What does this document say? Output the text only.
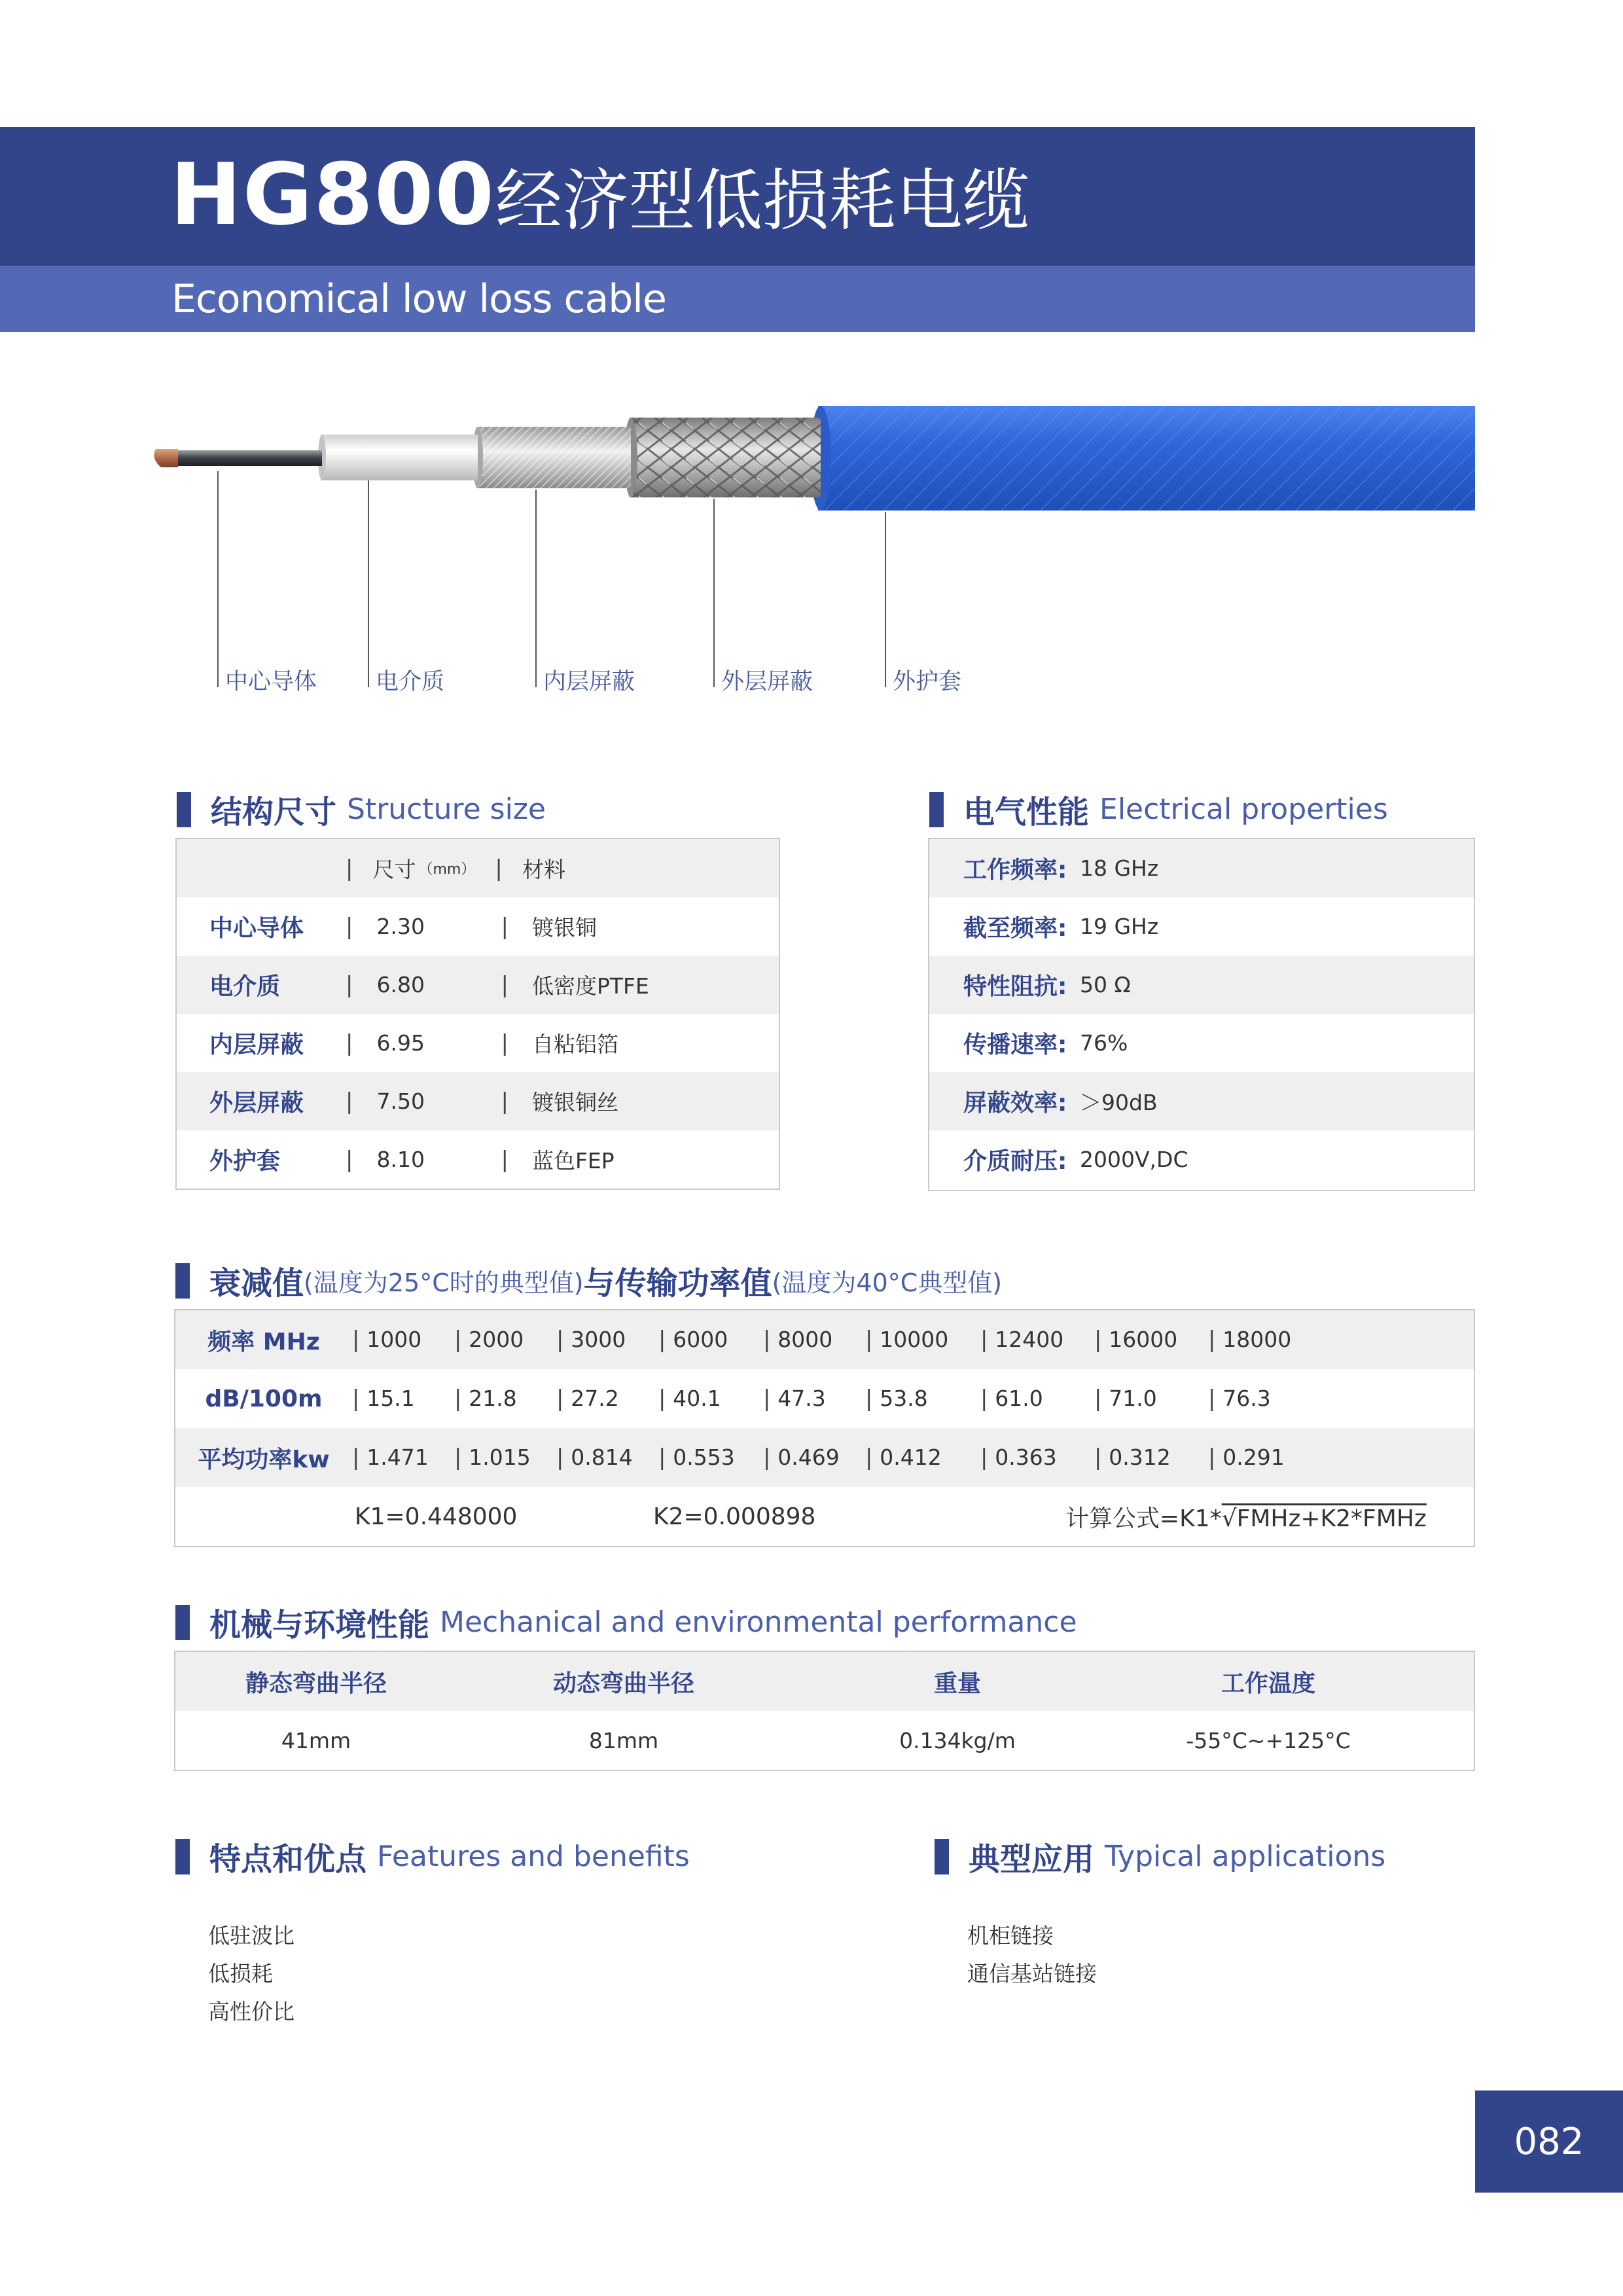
HG800经济型低损耗电缆
Economical low loss cable
中心导体	电介质	内层屏蔽	外层屏蔽	外护套
结构尺寸 Structure size
| 尺寸 （mm） | 材料
中心导体	|	2.30	|	镀银铜
电介质	|	6.80	|	低密度PTFE
内层屏蔽	|	6.95	|	自粘铝箔
外层屏蔽	|	7.50	|	镀银铜丝
外护套	|	8.10	|	蓝色FEP
电气性能 Electrical properties
工作频率: 18 GHz
截至频率: 19 GHz
特性阻抗: 50 Ω
传播速率: 76%
屏蔽效率: ＞90dB
介质耐压: 2000V,DC
衰减值 (温度为25°C时的典型值) 与传输功率值 (温度为40°C典型值)
频率 MHz	| 1000	| 2000	| 3000	| 6000	| 8000	| 10000	| 12400	| 16000	| 18000
dB/100m	| 15.1	| 21.8	| 27.2	| 40.1	| 47.3	| 53.8	| 61.0	| 71.0	| 76.3
平均功率kw	| 1.471	| 1.015	| 0.814	| 0.553	| 0.469	| 0.412	| 0.363	| 0.312	| 0.291
K1=0.448000	K2=0.000898	计算公式=K1*√FMHz+K2*FMHz
机械与环境性能 Mechanical and environmental performance
静态弯曲半径	动态弯曲半径	重量	工作温度
41mm	81mm	0.134kg/m	-55°C~+125°C
特点和优点 Features and benefits
低驻波比
低损耗
高性价比
典型应用 Typical applications
机柜链接
通信基站链接
082
